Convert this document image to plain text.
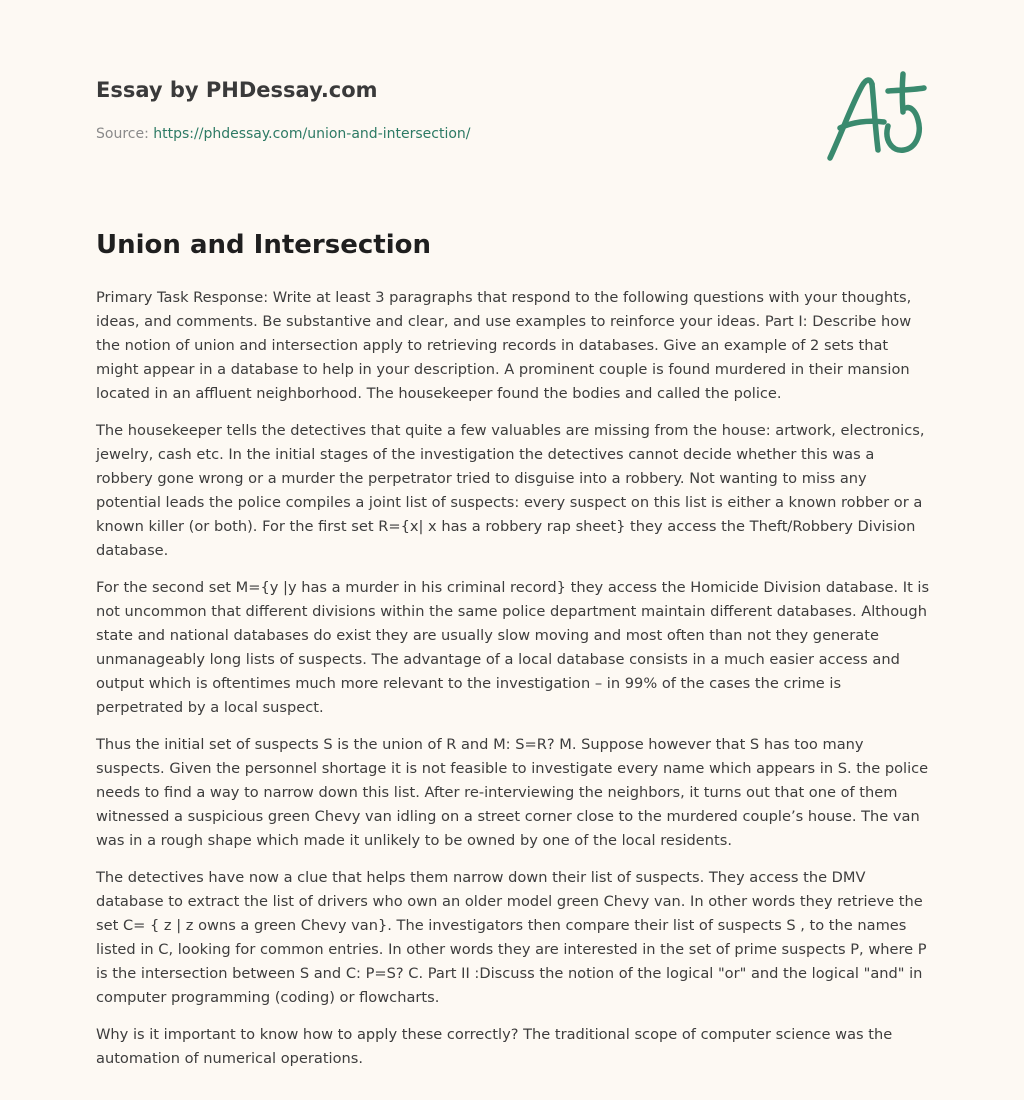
Essay by PHDessay.com
Source: https://phdessay.com/union-and-intersection/
Union and Intersection

Primary Task Response: Write at least 3 paragraphs that respond to the following questions with your thoughts, ideas, and comments. Be substantive and clear, and use examples to reinforce your ideas. Part I: Describe how the notion of union and intersection apply to retrieving records in databases. Give an example of 2 sets that might appear in a database to help in your description. A prominent couple is found murdered in their mansion located in an affluent neighborhood. The housekeeper found the bodies and called the police.

The housekeeper tells the detectives that quite a few valuables are missing from the house: artwork, electronics, jewelry, cash etc. In the initial stages of the investigation the detectives cannot decide whether this was a robbery gone wrong or a murder the perpetrator tried to disguise into a robbery. Not wanting to miss any potential leads the police compiles a joint list of suspects: every suspect on this list is either a known robber or a known killer (or both). For the first set R={x| x has a robbery rap sheet} they access the Theft/Robbery Division database.

For the second set M={y |y has a murder in his criminal record} they access the Homicide Division database. It is not uncommon that different divisions within the same police department maintain different databases. Although state and national databases do exist they are usually slow moving and most often than not they generate unmanageably long lists of suspects. The advantage of a local database consists in a much easier access and output which is oftentimes much more relevant to the investigation – in 99% of the cases the crime is perpetrated by a local suspect.

Thus the initial set of suspects S is the union of R and M: S=R? M. Suppose however that S has too many suspects. Given the personnel shortage it is not feasible to investigate every name which appears in S. the police needs to find a way to narrow down this list. After re-interviewing the neighbors, it turns out that one of them witnessed a suspicious green Chevy van idling on a street corner close to the murdered couple’s house. The van was in a rough shape which made it unlikely to be owned by one of the local residents.

The detectives have now a clue that helps them narrow down their list of suspects. They access the DMV database to extract the list of drivers who own an older model green Chevy van. In other words they retrieve the set C= { z | z owns a green Chevy van}. The investigators then compare their list of suspects S , to the names listed in C, looking for common entries. In other words they are interested in the set of prime suspects P, where P is the intersection between S and C: P=S? C. Part II :Discuss the notion of the logical "or" and the logical "and" in computer programming (coding) or flowcharts.

Why is it important to know how to apply these correctly? The traditional scope of computer science was the automation of numerical operations.
